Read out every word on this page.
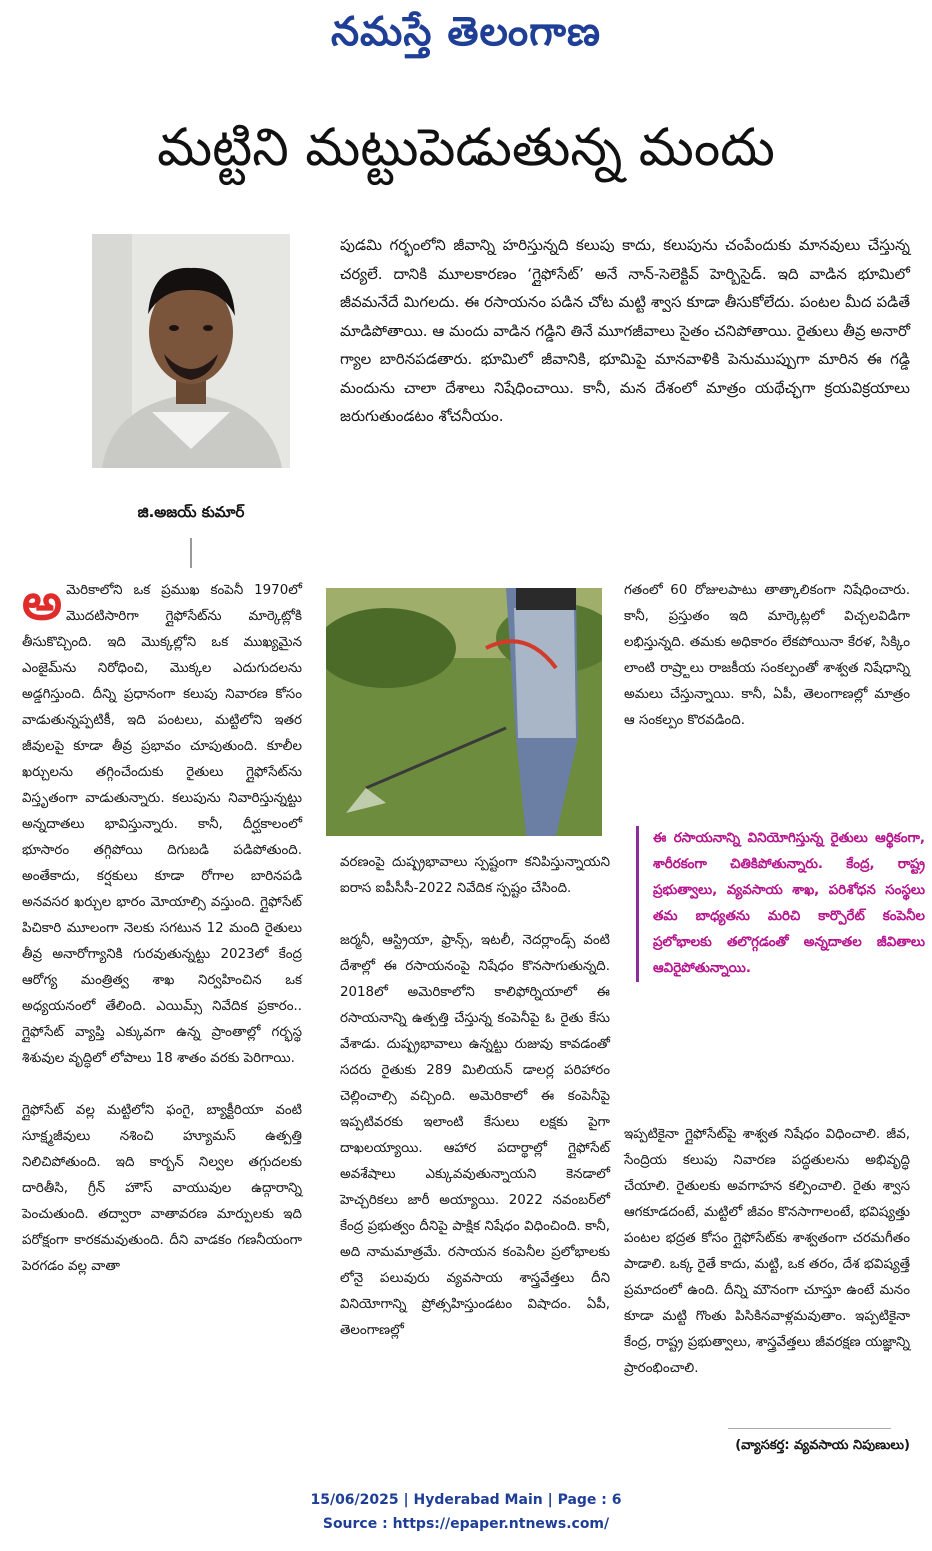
నమస్తే తెలంగాణ
మట్టిని మట్టుపెడుతున్న మందు
జి.అజయ్ కుమార్

పుడమి గర్భంలోని జీవాన్ని హరిస్తున్నది కలుపు కాదు, కలుపును చంపేందుకు మానవులు చేస్తున్న చర్యలే. దానికి మూలకారణం ‘గ్లైఫోసేట్’ అనే నాన్-సెలెక్టివ్ హెర్బిసైడ్. ఇది వాడిన భూమిలో జీవమనేదే మిగలదు. ఈ రసాయనం పడిన చోట మట్టి శ్వాస కూడా తీసుకోలేదు. పంటల మీద పడితే మాడిపోతాయి. ఆ మందు వాడిన గడ్డిని తినే మూగజీవాలు సైతం చనిపోతాయి. రైతులు తీవ్ర అనారో గ్యాల బారినపడతారు. భూమిలో జీవానికి, భూమిపై మానవాళికి పెనుముప్పుగా మారిన ఈ గడ్డి మందును చాలా దేశాలు నిషేధించాయి. కానీ, మన దేశంలో మాత్రం యథేచ్ఛగా క్రయవిక్రయాలు జరుగుతుండటం శోచనీయం.

అమెరికాలోని ఒక ప్రముఖ కంపెనీ 1970లో మొదటిసారిగా గ్లైఫోసేట్‌ను మార్కెట్లోకి తీసుకొచ్చింది. ఇది మొక్కల్లోని ఒక ముఖ్యమైన ఎంజైమ్‌ను నిరోధించి, మొక్కల ఎదుగుదలను అడ్డగిస్తుంది. దీన్ని ప్రధానంగా కలుపు నివారణ కోసం వాడుతున్నప్పటికీ, ఇది పంటలు, మట్టిలోని ఇతర జీవులపై కూడా తీవ్ర ప్రభావం చూపుతుంది. కూలీల ఖర్చులను తగ్గించేందుకు రైతులు గ్లైఫోసేట్‌ను విస్తృతంగా వాడుతున్నారు. కలుపును నివారిస్తున్నట్టు అన్నదాతలు భావిస్తున్నారు. కానీ, దీర్ఘకాలంలో భూసారం తగ్గిపోయి దిగుబడి పడిపోతుంది. అంతేకాదు, కర్షకులు కూడా రోగాల బారినపడి అనవసర ఖర్చుల భారం మోయాల్సి వస్తుంది. గ్లైఫోసేట్ పిచికారి మూలంగా నెలకు సగటున 12 మంది రైతులు తీవ్ర అనారోగ్యానికి గురవుతున్నట్టు 2023లో కేంద్ర ఆరోగ్య మంత్రిత్వ శాఖ నిర్వహించిన ఒక అధ్యయనంలో తేలింది. ఎయిమ్స్ నివేదిక ప్రకారం.. గ్లైఫోసేట్ వ్యాప్తి ఎక్కువగా ఉన్న ప్రాంతాల్లో గర్భస్థ శిశువుల వృద్ధిలో లోపాలు 18 శాతం వరకు పెరిగాయి.

గ్లైఫోసేట్ వల్ల మట్టిలోని ఫంగై, బ్యాక్టీరియా వంటి సూక్ష్మజీవులు నశించి హ్యూమస్ ఉత్పత్తి నిలిచిపోతుంది. ఇది కార్బన్ నిల్వల తగ్గుదలకు దారితీసి, గ్రీన్ హౌస్ వాయువుల ఉద్గారాన్ని పెంచుతుంది. తద్వారా వాతావరణ మార్పులకు ఇది పరోక్షంగా కారకమవుతుంది. దీని వాడకం గణనీయంగా పెరగడం వల్ల వాతా

వరణంపై దుష్ప్రభావాలు స్పష్టంగా కనిపిస్తున్నాయని ఐరాస ఐపీసీసీ-2022 నివేదిక స్పష్టం చేసింది.

జర్మనీ, ఆస్ట్రియా, ఫ్రాన్స్, ఇటలీ, నెదర్లాండ్స్ వంటి దేశాల్లో ఈ రసాయనంపై నిషేధం కొనసాగుతున్నది. 2018లో అమెరికాలోని కాలిఫోర్నియాలో ఈ రసాయనాన్ని ఉత్పత్తి చేస్తున్న కంపెనీపై ఓ రైతు కేసు వేశాడు. దుష్ప్రభావాలు ఉన్నట్టు రుజువు కావడంతో సదరు రైతుకు 289 మిలియన్ డాలర్ల పరిహారం చెల్లించాల్సి వచ్చింది. అమెరికాలో ఈ కంపెనీపై ఇప్పటివరకు ఇలాంటి కేసులు లక్షకు పైగా దాఖలయ్యాయి. ఆహార పదార్థాల్లో గ్లైఫోసేట్ అవశేషాలు ఎక్కువవుతున్నాయని కెనడాలో హెచ్చరికలు జారీ అయ్యాయి. 2022 నవంబర్‌లో కేంద్ర ప్రభుత్వం దీనిపై పాక్షిక నిషేధం విధించింది. కానీ, అది నామమాత్రమే. రసాయన కంపెనీల ప్రలోభాలకు లోనై పలువురు వ్యవసాయ శాస్త్రవేత్తలు దీని వినియోగాన్ని ప్రోత్సహిస్తుండటం విషాదం. ఏపీ, తెలంగాణల్లో

గతంలో 60 రోజులపాటు తాత్కాలికంగా నిషేధించారు. కానీ, ప్రస్తుతం ఇది మార్కెట్లలో విచ్చలవిడిగా లభిస్తున్నది. తమకు అధికారం లేకపోయినా కేరళ, సిక్కిం లాంటి రాష్ర్టాలు రాజకీయ సంకల్పంతో శాశ్వత నిషేధాన్ని అమలు చేస్తున్నాయి. కానీ, ఏపీ, తెలంగాణల్లో మాత్రం ఆ సంకల్పం కొరవడింది.

ఈ రసాయనాన్ని వినియోగిస్తున్న రైతులు ఆర్థికంగా, శారీరకంగా చితికిపోతున్నారు. కేంద్ర, రాష్ట్ర ప్రభుత్వాలు, వ్యవసాయ శాఖ, పరిశోధన సంస్థలు తమ బాధ్యతను మరిచి కార్పొరేట్ కంపెనీల ప్రలోభాలకు తలొగ్గడంతో అన్నదాతల జీవితాలు ఆవిరైపోతున్నాయి.

ఇప్పటికైనా గ్లైఫోసేట్‌పై శాశ్వత నిషేధం విధించాలి. జీవ, సేంద్రియ కలుపు నివారణ పద్ధతులను అభివృద్ధి చేయాలి. రైతులకు అవగాహన కల్పించాలి. రైతు శ్వాస ఆగకూడదంటే, మట్టిలో జీవం కొనసాగాలంటే, భవిష్యత్తు పంటల భద్రత కోసం గ్లైఫోసేట్‌కు శాశ్వతంగా చరమగీతం పాడాలి. ఒక్క రైతే కాదు, మట్టి, ఒక తరం, దేశ భవిష్యత్తే ప్రమాదంలో ఉంది. దీన్ని మౌనంగా చూస్తూ ఉంటే మనం కూడా మట్టి గొంతు పిసికినవాళ్లమవుతాం. ఇప్పటికైనా కేంద్ర, రాష్ట్ర ప్రభుత్వాలు, శాస్త్రవేత్తలు జీవరక్షణ యజ్ఞాన్ని ప్రారంభించాలి.

(వ్యాసకర్త: వ్యవసాయ నిపుణులు)
15/06/2025 | Hyderabad Main | Page : 6
Source : https://epaper.ntnews.com/
